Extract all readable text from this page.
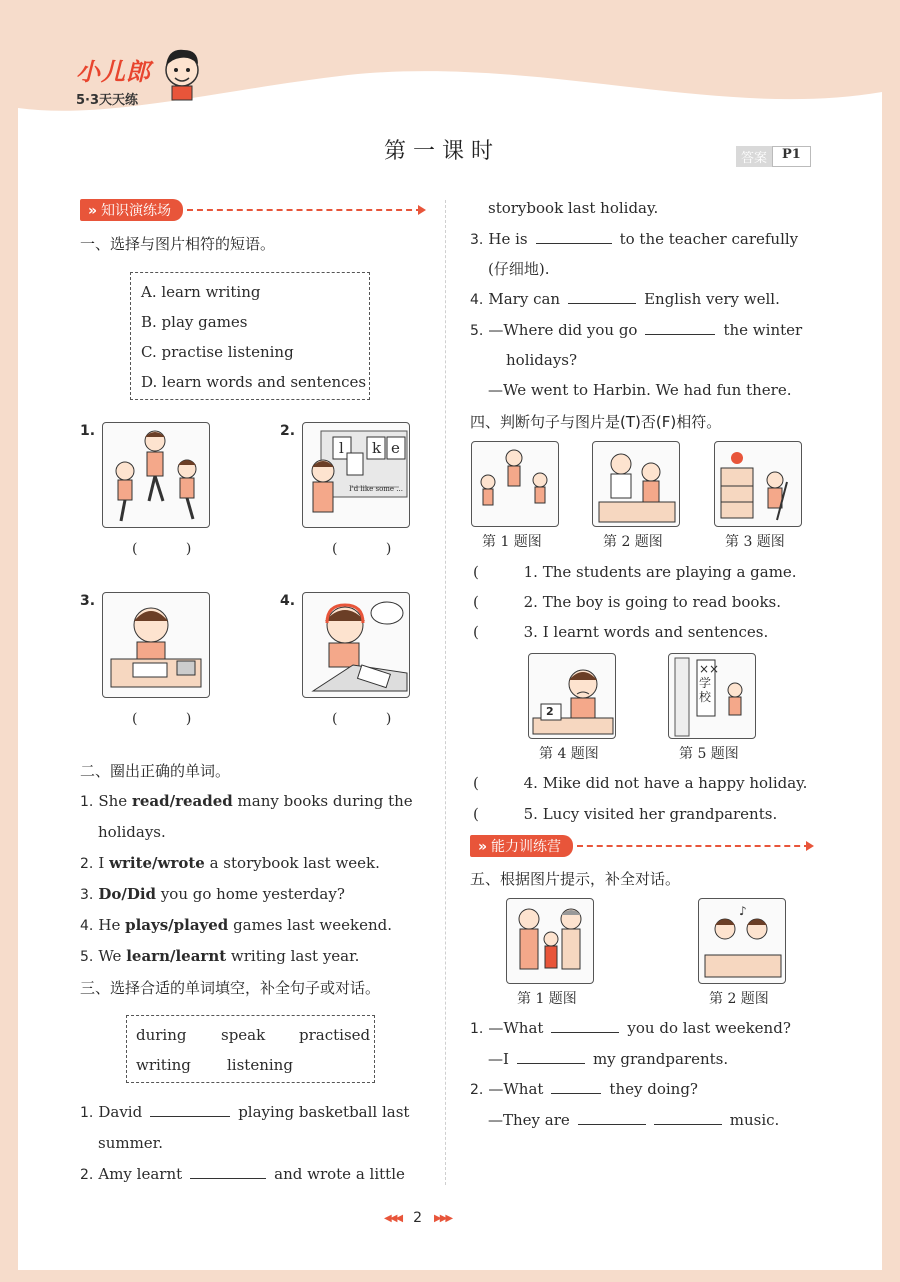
小儿郎
5·3天天练
第一课时	答案	P1
» 知识演练场
一、选择与图片相符的短语。
A. learn writing
B. play games
C. practise listening
D. learn words and sentences
1.
( )
2.
l k e
I'd like some ...
( )
3.
( )
4.
( )
二、圈出正确的单词。
1. She read/readed many books during the
holidays.
2. I write/wrote a storybook last week.
3. Do/Did you go home yesterday?
4. He plays/played games last weekend.
5. We learn/learnt writing last year.
三、选择合适的单词填空，补全句子或对话。
during speak practised
writing listening
1. David	playing basketball last
summer.
2. Amy learnt	and wrote a little
storybook last holiday.
3. He is	to the teacher carefully
(仔细地).
4. Mary can	English very well.
5. —Where did you go	the winter
holidays?
—We went to Harbin. We had fun there.
四、判断句子与图片是(T)否(F)相符。
第 1 题图	第 2 题图	第 3 题图
( 1. The students are playing a game.
( 2. The boy is going to read books.
( 3. I learnt words and sentences.
2
第 4 题图
××学校
第 5 题图
( 4. Mike did not have a happy holiday.
( 5. Lucy visited her grandparents.
» 能力训练营
五、根据图片提示，补全对话。
第 1 题图
♪
第 2 题图
1. —What	you do last weekend?
—I	my grandparents.
2. —What	they doing?
—They are	music.
◀◀◀ 2 ▶▶▶
